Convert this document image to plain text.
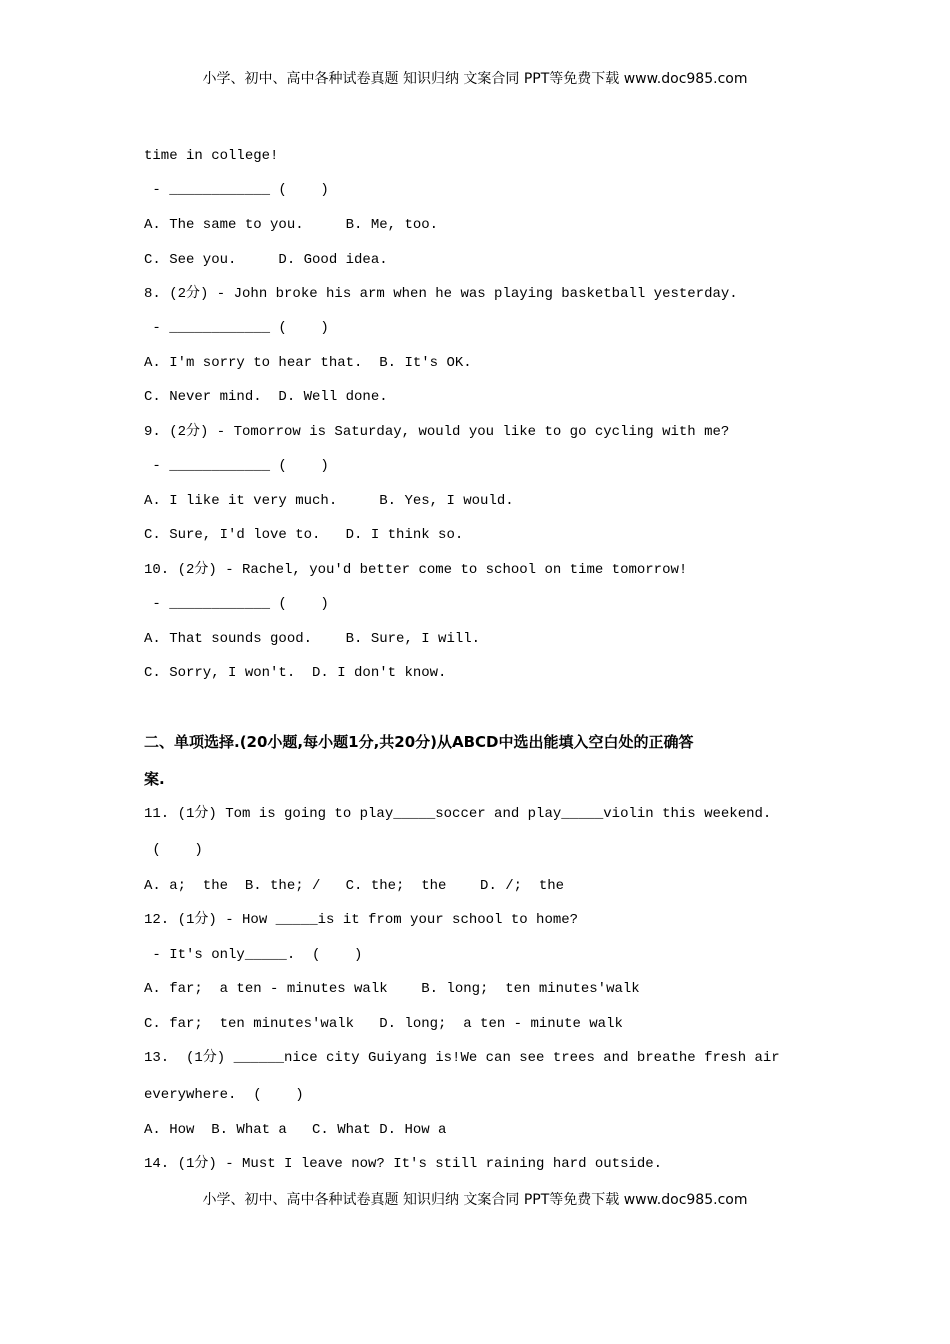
小学、初中、高中各种试卷真题 知识归纳 文案合同 PPT等免费下载 www.doc985.com
time in college!
- ____________ (    )
A. The same to you.     B. Me, too.
C. See you.     D. Good idea.
8. (2分) - John broke his arm when he was playing basketball yesterday.
- ____________ (    )
A. I'm sorry to hear that.  B. It's OK.
C. Never mind.  D. Well done.
9. (2分) - Tomorrow is Saturday, would you like to go cycling with me?
- ____________ (    )
A. I like it very much.     B. Yes, I would.
C. Sure, I'd love to.   D. I think so.
10. (2分) - Rachel, you'd better come to school on time tomorrow!
- ____________ (    )
A. That sounds good.    B. Sure, I will.
C. Sorry, I won't.  D. I don't know.
二、单项选择.(20小题,每小题1分,共20分)从ABCD中选出能填入空白处的正确答
案.
11. (1分) Tom is going to play_____soccer and play_____violin this weekend.
(    )
A. a;  the  B. the; /   C. the;  the    D. /;  the
12. (1分) - How _____is it from your school to home?
- It's only_____.  (    )
A. far;  a ten - minutes walk    B. long;  ten minutes'walk
C. far;  ten minutes'walk   D. long;  a ten - minute walk
13.  (1分) ______nice city Guiyang is!We can see trees and breathe fresh air
everywhere.  (    )
A. How  B. What a   C. What D. How a
14. (1分) - Must I leave now? It's still raining hard outside.
小学、初中、高中各种试卷真题 知识归纳 文案合同 PPT等免费下载 www.doc985.com
